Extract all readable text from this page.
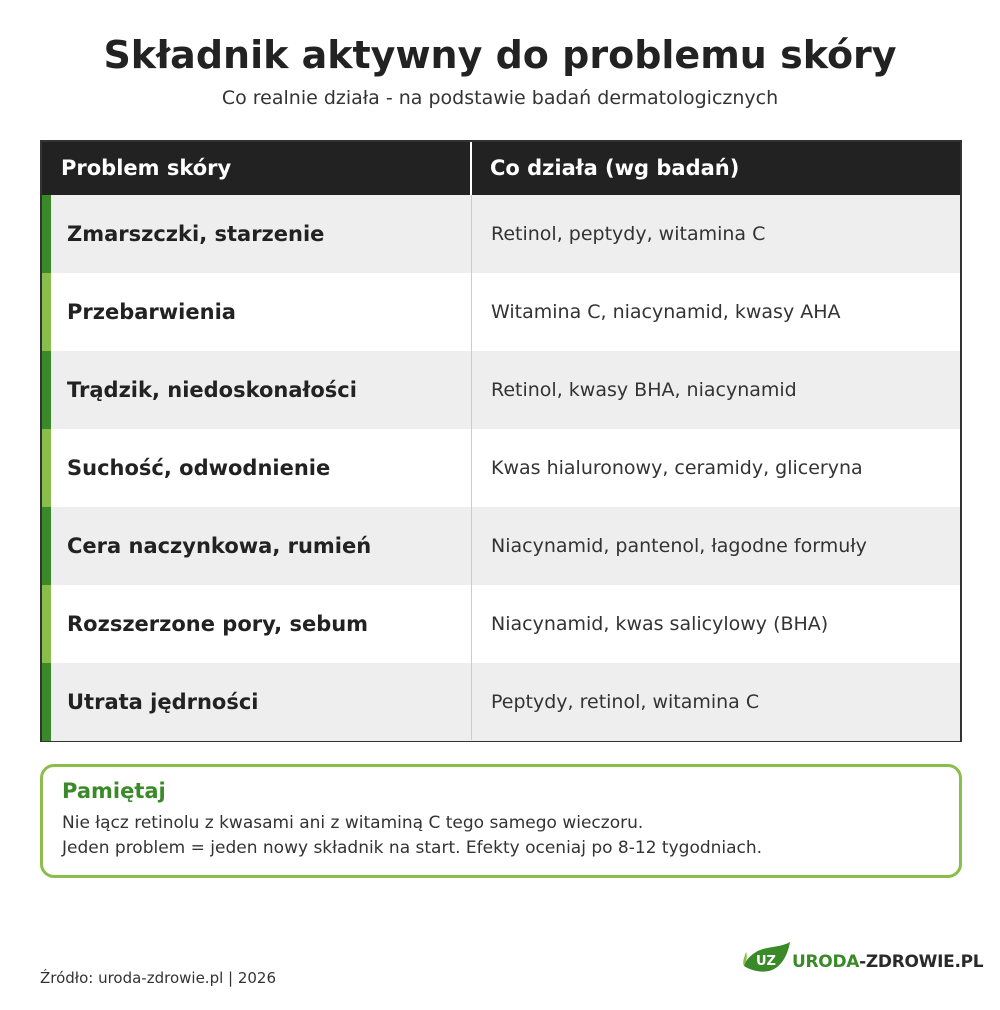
Składnik aktywny do problemu skóry
Co realnie działa - na podstawie badań dermatologicznych
Problem skóry	Co działa (wg badań)
Zmarszczki, starzenie	Retinol, peptydy, witamina C
Przebarwienia	Witamina C, niacynamid, kwasy AHA
Trądzik, niedoskonałości	Retinol, kwasy BHA, niacynamid
Suchość, odwodnienie	Kwas hialuronowy, ceramidy, gliceryna
Cera naczynkowa, rumień	Niacynamid, pantenol, łagodne formuły
Rozszerzone pory, sebum	Niacynamid, kwas salicylowy (BHA)
Utrata jędrności	Peptydy, retinol, witamina C
Pamiętaj
Nie łącz retinolu z kwasami ani z witaminą C tego samego wieczoru.
Jeden problem = jeden nowy składnik na start. Efekty oceniaj po 8-12 tygodniach.
Źródło: uroda-zdrowie.pl | 2026
UZ URODA-ZDROWIE.PL
